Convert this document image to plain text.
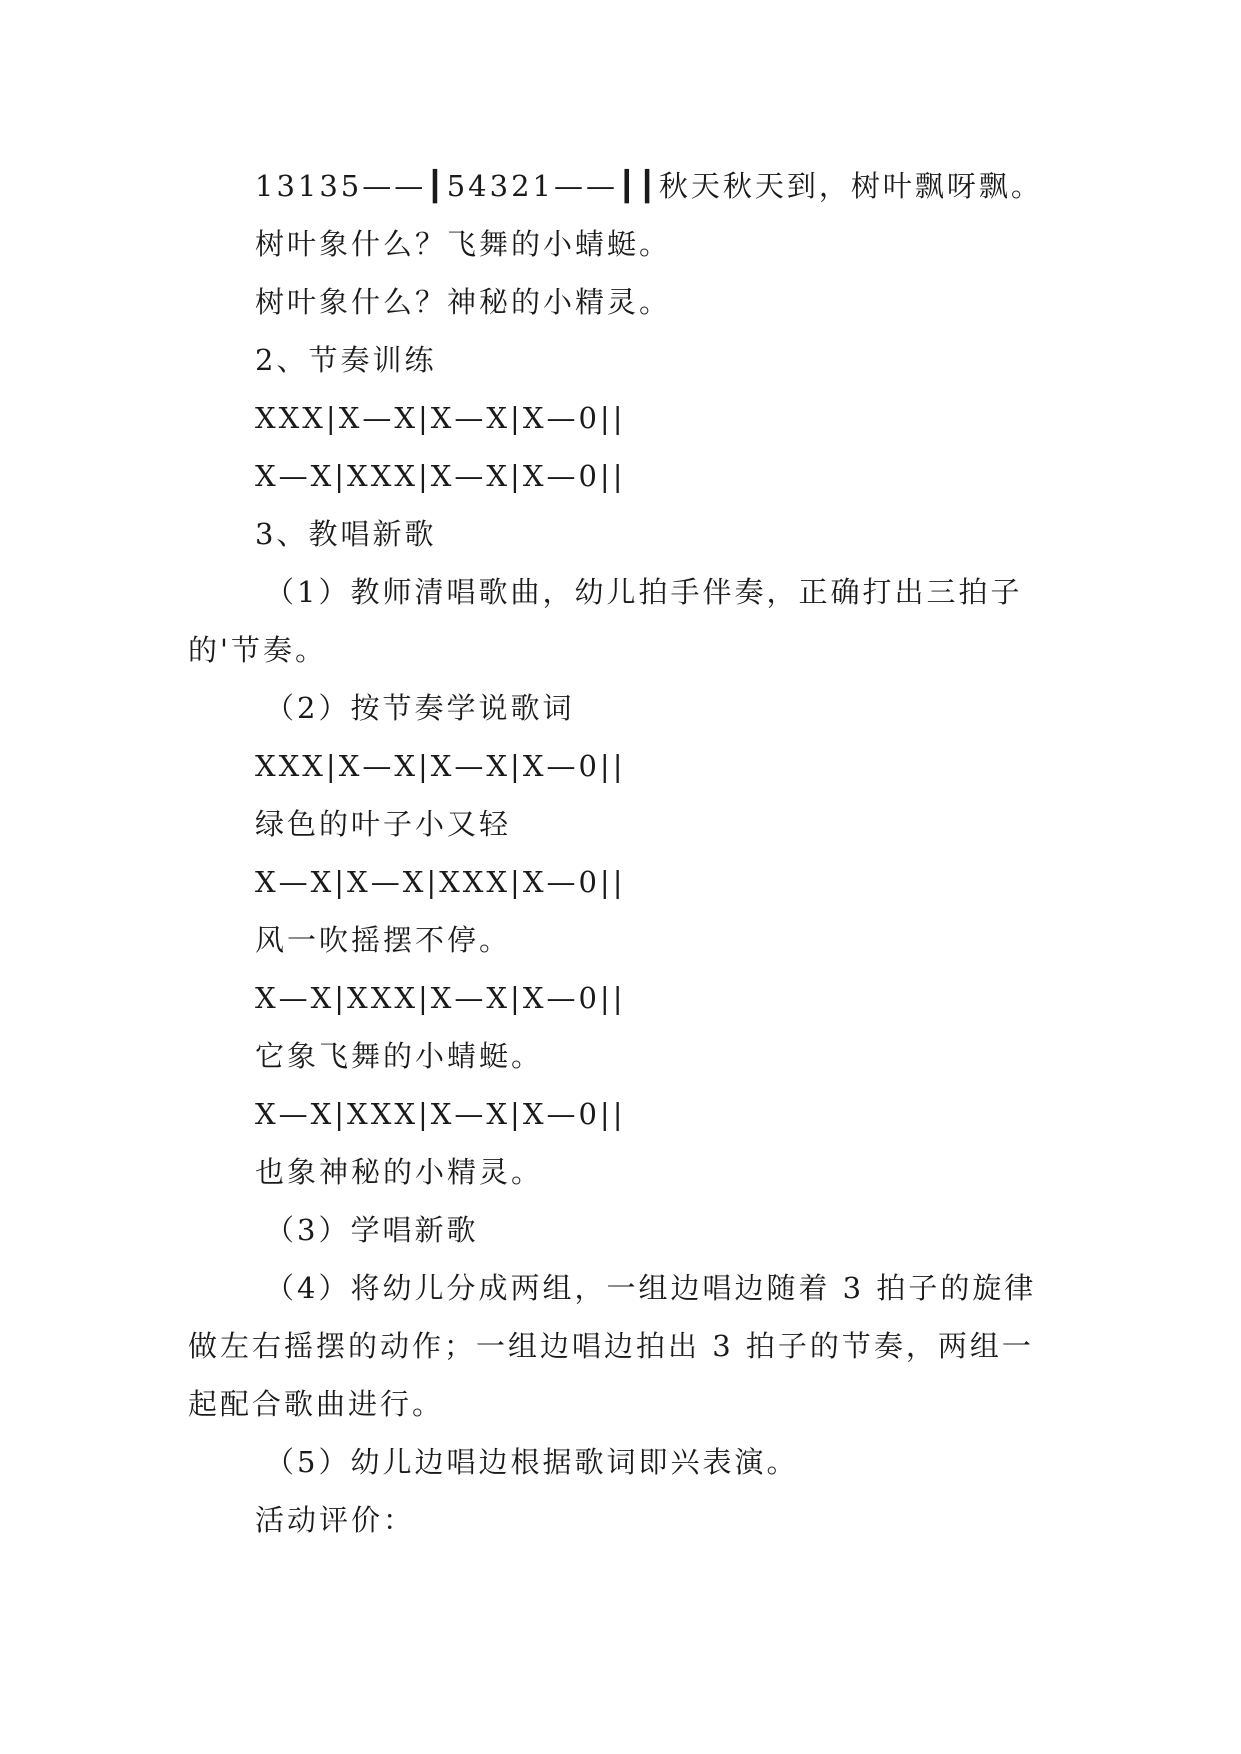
13135——┃54321——┃┃秋天秋天到，树叶飘呀飘。
树叶象什么？飞舞的小蜻蜓。
树叶象什么？神秘的小精灵。
2、节奏训练
XXX|X—X|X—X|X—0||
X—X|XXX|X—X|X—0||
3、教唱新歌
（1）教师清唱歌曲，幼儿拍手伴奏，正确打出三拍子
的'节奏。
（2）按节奏学说歌词
XXX|X—X|X—X|X—0||
绿色的叶子小又轻
X—X|X—X|XXX|X—0||
风一吹摇摆不停。
X—X|XXX|X—X|X—0||
它象飞舞的小蜻蜓。
X—X|XXX|X—X|X—0||
也象神秘的小精灵。
（3）学唱新歌
（4）将幼儿分成两组，一组边唱边随着 3 拍子的旋律
做左右摇摆的动作；一组边唱边拍出 3 拍子的节奏，两组一
起配合歌曲进行。
（5）幼儿边唱边根据歌词即兴表演。
活动评价：
